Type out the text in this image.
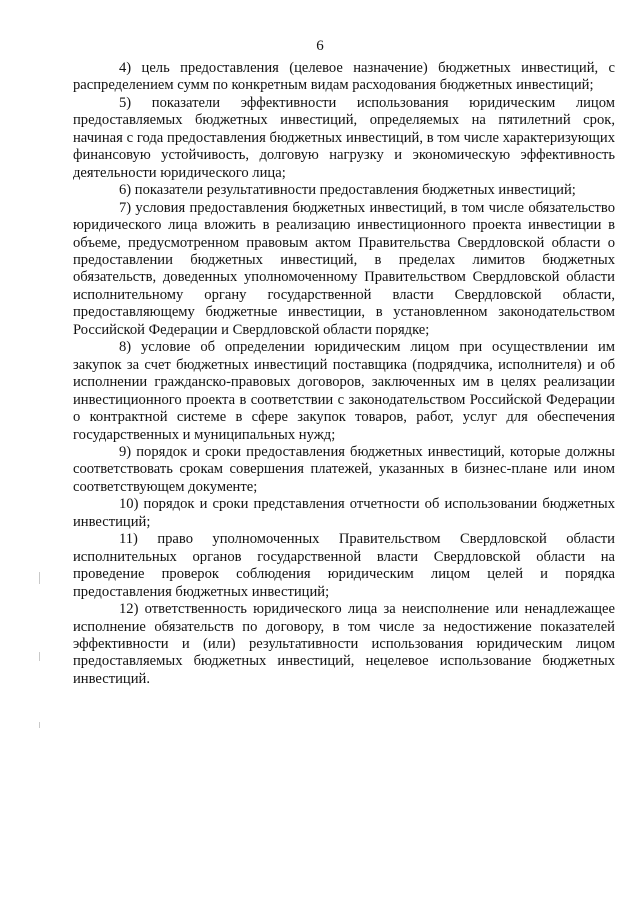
6

4) цель предоставления (целевое назначение) бюджетных инвестиций, с распределением сумм по конкретным видам расходования бюджетных инвестиций;

5) показатели эффективности использования юридическим лицом предоставляемых бюджетных инвестиций, определяемых на пятилетний срок, начиная с года предоставления бюджетных инвестиций, в том числе характеризующих финансовую устойчивость, долговую нагрузку и экономическую эффективность деятельности юридического лица;

6) показатели результативности предоставления бюджетных инвестиций;

7) условия предоставления бюджетных инвестиций, в том числе обязательство юридического лица вложить в реализацию инвестиционного проекта инвестиции в объеме, предусмотренном правовым актом Правительства Свердловской области о предоставлении бюджетных инвестиций, в пределах лимитов бюджетных обязательств, доведенных уполномоченному Правительством Свердловской области исполнительному органу государственной власти Свердловской области, предоставляющему бюджетные инвестиции, в установленном законодательством Российской Федерации и Свердловской области порядке;

8) условие об определении юридическим лицом при осуществлении им закупок за счет бюджетных инвестиций поставщика (подрядчика, исполнителя) и об исполнении гражданско-правовых договоров, заключенных им в целях реализации инвестиционного проекта в соответствии с законодательством Российской Федерации о контрактной системе в сфере закупок товаров, работ, услуг для обеспечения государственных и муниципальных нужд;

9) порядок и сроки предоставления бюджетных инвестиций, которые должны соответствовать срокам совершения платежей, указанных в бизнес-плане или ином соответствующем документе;

10) порядок и сроки представления отчетности об использовании бюджетных инвестиций;

11) право уполномоченных Правительством Свердловской области исполнительных органов государственной власти Свердловской области на проведение проверок соблюдения юридическим лицом целей и порядка предоставления бюджетных инвестиций;

12) ответственность юридического лица за неисполнение или ненадлежащее исполнение обязательств по договору, в том числе за недостижение показателей эффективности и (или) результативности использования юридическим лицом предоставляемых бюджетных инвестиций, нецелевое использование бюджетных инвестиций.
